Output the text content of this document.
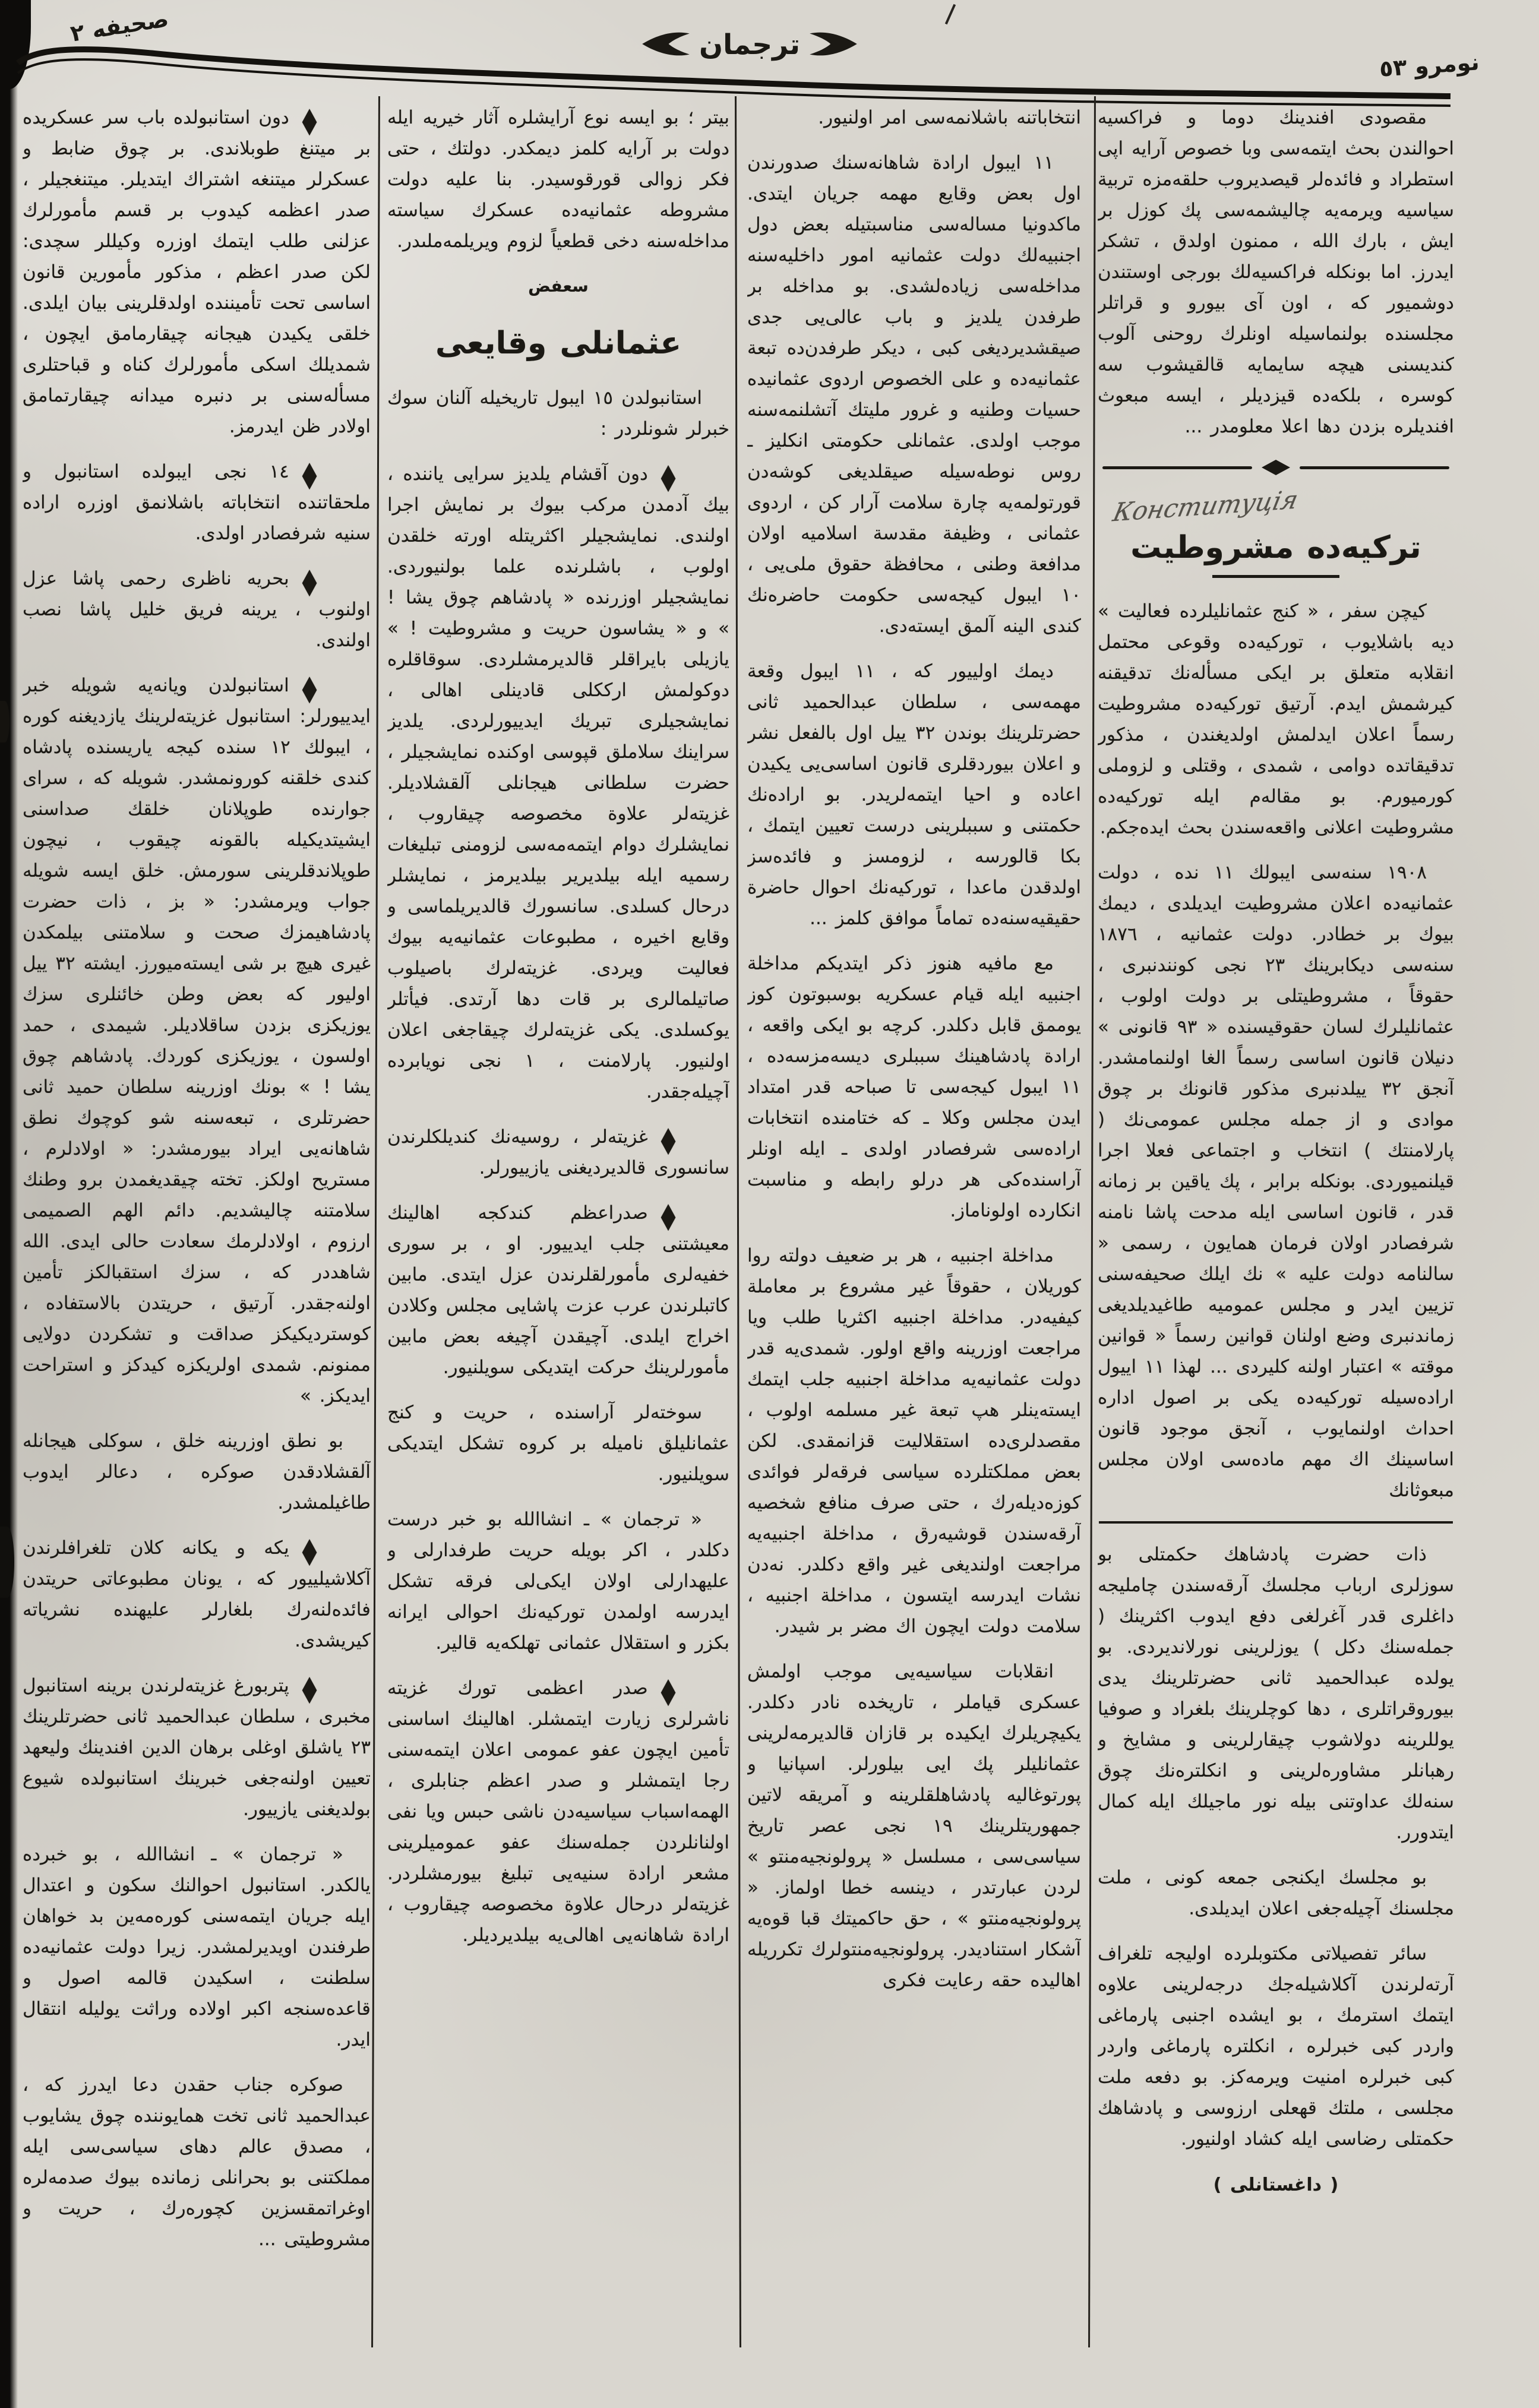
صحيفه ٢
ترجمان
نومرو ٥٣

مقصودى افندينك دوما و فراكسيه احوالندن بحث ايتمه‌سى وبا خصوص آرايه اپى استطراد و فائده‌لر قيصديروب حلقه‌مزه تربية سياسيه ويرمه‌يه چاليشمه‌سى پك كوزل بر ايش ، بارك الله ، ممنون اولدق ، تشكر ايدرز. اما بونكله فراكسيه‌لك بورجى اوستندن دوشميور كه ، اون آى بيورو و قراتلر مجلسنده بولنماسيله اونلرك روحنى آلوب كنديسنى هيچه سايمايه قالقيشوب سه كوسره ، بلكه‌ده قيزديلر ، ايسه مبعوث افنديلره بزدن دها اعلا معلومدر ...

Конституція
تركيه‌ده مشروطيت

كيچن سفر ، « كنج عثمانليلرده فعاليت » ديه باشلايوب ، توركيه‌ده وقوعى محتمل انقلابه متعلق بر ايكى مسأله‌نك تدقيقنه كيرشمش ايدم. آرتيق توركيه‌ده مشروطيت رسماً اعلان ايدلمش اولديغندن ، مذكور تدقيقاتده دوامى ، شمدى ، وقتلى و لزوملى كورميورم. بو مقاله‌م ايله توركيه‌ده مشروطيت اعلانى واقعه‌سندن بحث ايده‌جكم.

١٩٠٨ سنه‌سى ايبولك ١١ نده ، دولت عثمانيه‌ده اعلان مشروطيت ايديلدى ، ديمك بيوك بر خطادر. دولت عثمانيه ، ١٨٧٦ سنه‌سى ديكابرينك ٢٣ نجى كونندنبرى ، حقوقاً ، مشروطيتلى بر دولت اولوب ، عثمانليلرك لسان حقوقيسنده « ٩٣ قانونى » دنيلان قانون اساسى رسماً الغا اولنمامشدر. آنجق ٣٢ ييلدنبرى مذكور قانونك بر چوق موادى و از جمله مجلس عمومى‌نك ( پارلامنتك ) انتخاب و اجتماعى فعلا اجرا قيلنميوردى. بونكله برابر ، پك ياقين بر زمانه قدر ، قانون اساسى ايله مدحت پاشا نامنه شرفصادر اولان فرمان همايون ، رسمى « سالنامه دولت عليه » نك ايلك صحيفه‌سنى تزيين ايدر و مجلس عموميه طاغيديلديغى زماندنبرى وضع اولنان قوانين رسماً « قوانين موقته » اعتبار اولنه كليردى ... لهذا ١١ اييول اراده‌سيله توركيه‌ده يكى بر اصول اداره احداث اولنمايوب ، آنجق موجود قانون اساسينك اك مهم ماده‌سى اولان مجلس مبعوثانك

ذات حضرت پادشاهك حكمتلى بو سوزلرى ارباب مجلسك آرقه‌سندن چامليجه داغلرى قدر آغرلغى دفع ايدوب اكثرينك ( جمله‌سنك دكل ) يوزلرينى نورلانديردى. بو يولده عبدالحميد ثانى حضرتلرينك يدى بيوروقراتلرى ، دها كوچلرينك بلغراد و صوفيا يوللرينه دولاشوب چيقارلرينى و مشايخ و رهبانلر مشاوره‌لرينى و انكلتره‌نك چوق سنه‌لك عداوتنى بيله نور ماجيلك ايله كمال ايتدورر.

بو مجلسك ايكنجى جمعه كونى ، ملت مجلسنك آچيله‌جغى اعلان ايديلدى.

سائر تفصيلاتى مكتوبلرده اوليجه تلغراف آرته‌لرندن آكلاشيله‌جك درجه‌لرينى علاوه ايتمك استرمك ، بو ايشده اجنبى پارماغى واردر كبى خبرلره ، انكلتره پارماغى واردر كبى خبرلره امنيت ويرمه‌كز. بو دفعه ملت مجلسى ، ملتك قهعلى ارزوسى و پادشاهك حكمتلى رضاسى ايله كشاد اولنيور.

( داغستانلى )

انتخاباتنه باشلانمه‌سى امر اولنيور.

١١ ايبول ارادة شاهانه‌سنك صدورندن اول بعض وقايع مهمه جريان ايتدى. ماكدونيا مساله‌سى مناسبتيله بعض دول اجنبيه‌لك دولت عثمانيه امور داخليه‌سنه مداخله‌سى زياده‌لشدى. بو مداخله بر طرفدن يلديز و باب عالى‌يى جدى صيقشديرديغى كبى ، ديكر طرفدن‌ده تبعة عثمانيه‌ده و على الخصوص اردوى عثمانيده حسيات وطنيه و غرور مليتك آتشلنمه‌سنه موجب اولدى. عثمانلى حكومتى انكليز ـ روس نوطه‌سيله صيقلديغى كوشه‌دن قورتولمه‌يه چارة سلامت آرار كن ، اردوى عثمانى ، وظيفة مقدسة اسلاميه اولان مدافعة وطنى ، محافظة حقوق ملى‌يى ، ١٠ ايبول كيجه‌سى حكومت حاضره‌نك كندى الينه آلمق ايسته‌دى.

ديمك اولييور كه ، ١١ ايبول وقعة مهمه‌سى ، سلطان عبدالحميد ثانى حضرتلرينك بوندن ٣٢ ييل اول بالفعل نشر و اعلان بيوردقلرى قانون اساسى‌يى يكيدن اعاده و احيا ايتمه‌لريدر. بو اراده‌نك حكمتنى و سببلرينى درست تعيين ايتمك ، بكا قالورسه ، لزومسز و فائده‌سز اولدقدن ماعدا ، توركيه‌نك احوال حاضرة حقيقيه‌سنه‌ده تماماً موافق كلمز ...

مع مافيه هنوز ذكر ايتديكم مداخلة اجنبيه ايله قيام عسكريه بوسبوتون كوز يوممق قابل دكلدر. كرچه بو ايكى واقعه ، ارادة پادشاهينك سببلرى ديسه‌مزسه‌ده ، ١١ ايبول كيجه‌سى تا صباحه قدر امتداد ايدن مجلس وكلا ـ كه ختامنده انتخابات اراده‌سى شرفصادر اولدى ـ ايله اونلر آراسنده‌كى هر درلو رابطه و مناسبت انكارده اولوناماز.

مداخلة اجنبيه ، هر بر ضعيف دولته روا كوريلان ، حقوقاً غير مشروع بر معاملة كيفيه‌در. مداخلة اجنبيه اكثريا طلب ويا مراجعت اوزرينه واقع اولور. شمدى‌يه قدر دولت عثمانيه‌يه مداخلة اجنبيه جلب ايتمك ايسته‌ينلر هپ تبعة غير مسلمه اولوب ، مقصدلرى‌ده استقلاليت قزانمقدى. لكن بعض مملكتلرده سياسى فرقه‌لر فوائدى كوزه‌ديله‌رك ، حتى صرف منافع شخصيه آرقه‌سندن قوشيه‌رق ، مداخلة اجنبيه‌يه مراجعت اولنديغى غير واقع دكلدر. نه‌دن نشات ايدرسه ايتسون ، مداخلة اجنبيه ، سلامت دولت ايچون اك مضر بر شيدر.

انقلابات سياسيه‌يى موجب اولمش عسكرى قياملر ، تاريخده نادر دكلدر. يكيچريلرك ايكيده بر قازان قالديرمه‌لرينى عثمانليلر پك ايى بيلورلر. اسپانيا و پورتوغاليه پادشاهلقلرينه و آمريقه لاتين جمهوريتلرينك ١٩ نجى عصر تاريخ سياسى‌سى ، مسلسل « پرولونجيه‌منتو » لردن عبارتدر ، دينسه خطا اولماز. « پرولونجيه‌منتو » ، حق حاكميتك قبا قوه‌يه آشكار استناديدر. پرولونجيه‌منتولرك تكرريله اهاليده حقه رعايت فكرى

بيتر ؛ بو ايسه نوع آرايشلره آثار خيريه ايله دولت بر آرايه كلمز ديمكدر. دولتك ، حتى فكر زوالى قورقوسيدر. بنا عليه دولت مشروطه عثمانيه‌ده عسكرك سياسته مداخله‌سنه دخى قطعياً لزوم ويريلمه‌ملىدر.

سعفض
عثمانلى وقايعى

استانبولدن ١٥ ايبول تاريخيله آلنان سوك خبرلر شونلردر :

◆دون آقشام يلديز سرايى ياننده ، بيك آدمدن مركب بيوك بر نمايش اجرا اولندى. نمايشجيلر اكثريتله اورته خلقدن اولوب ، باشلرنده علما بولنيوردى. نمايشجيلر اوزرنده « پادشاهم چوق يشا ! » و « يشاسون حريت و مشروطيت ! » يازيلى بايراقلر قالديرمشلردى. سوقاقلره دوكولمش ارككلى قادينلى اهالى ، نمايشجيلرى تبريك ايدييورلردى. يلديز سراينك سلاملق قپوسى اوكنده نمايشجيلر ، حضرت سلطانى هيجانلى آلقشلاديلر. غزيته‌لر علاوة مخصوصه چيقاروب ، نمايشلرك دوام ايتمه‌مه‌سى لزومنى تبليغات رسميه ايله بيلديرير بيلديرمز ، نمايشلر درحال كسلدى. سانسورك قالديريلماسى و وقايع اخيره ، مطبوعات عثمانيه‌يه بيوك فعاليت ويردى. غزيته‌لرك باصيلوب صاتيلمالرى بر قات دها آرتدى. فيأتلر يوكسلدى. يكى غزيته‌لرك چيقاجغى اعلان اولنيور. پارلامنت ، ١ نجى نويابرده آچيله‌جقدر.

◆غزيته‌لر ، روسيه‌نك كنديلكلرندن سانسورى قالديرديغنى يازييورلر.

◆صدراعظم كندكجه اهالينك معيشتنى جلب ايدييور. او ، بر سورى خفيه‌لرى مأمورلقلرندن عزل ايتدى. مابين كاتبلرندن عرب عزت پاشايى مجلس وكلادن اخراج ايلدى. آچيقدن آچيغه بعض مابين مأمورلرينك حركت ايتديكى سويلنيور.

سوخته‌لر آراسنده ، حريت و كنج عثمانليلق ناميله بر كروه تشكل ايتديكى سويلنيور.

« ترجمان » ـ انشاالله بو خبر درست دكلدر ، اكر بويله حريت طرفدارلى و عليهدارلى اولان ايكى‌لى فرقه تشكل ايدرسه اولمدن توركيه‌نك احوالى ايرانه بكزر و استقلال عثمانى تهلكه‌يه قالير.

◆صدر اعظمى تورك غزيته ناشرلرى زيارت ايتمشلر. اهالينك اساسنى تأمين ايچون عفو عمومى اعلان ايتمه‌سنى رجا ايتمشلر و صدر اعظم جنابلرى ، الهمه‌اسباب سياسيه‌دن ناشى حبس ويا نفى اولنانلردن جمله‌سنك عفو عموميلرينى مشعر ارادة سنيه‌يى تبليغ بيورمشلردر. غزيته‌لر درحال علاوة مخصوصه چيقاروب ، ارادة شاهانه‌يى اهالى‌يه بيلديرديلر.

◆دون استانبولده باب سر عسكريده بر ميتنغ طوبلاندى. بر چوق ضابط و عسكرلر ميتنغه اشتراك ايتديلر. ميتنغجيلر ، صدر اعظمه كيدوب بر قسم مأمورلرك عزلنى طلب ايتمك اوزره وكيللر سچدى: لكن صدر اعظم ، مذكور مأمورين قانون اساسى تحت تأميننده اولدقلرينى بيان ايلدى. خلقى يكيدن هيجانه چيقارمامق ايچون ، شمديلك اسكى مأمورلرك كناه و قباحتلرى مسأله‌سنى بر دنبره ميدانه چيقارتمامق اولادر ظن ايدرمز.

◆١٤ نجى ايبولده استانبول و ملحقاتنده انتخاباته باشلانمق اوزره اراده سنيه شرفصادر اولدى.

◆بحريه ناظرى رحمى پاشا عزل اولنوب ، يرينه فريق خليل پاشا نصب اولندى.

◆استانبولدن ويانه‌يه شويله خبر ايدييورلر: استانبول غزيته‌لرينك يازديغنه كوره ، ايبولك ١٢ سنده كيجه ياريسنده پادشاه كندى خلقنه كورونمشدر. شويله كه ، سراى جوارنده طوپلانان خلقك صداسنى ايشيتديكيله بالقونه چيقوب ، نيچون طوپلاندقلرينى سورمش. خلق ايسه شويله جواب ويرمشدر: « بز ، ذات حضرت پادشاهيمزك صحت و سلامتنى بيلمكدن غيرى هيچ بر شى ايسته‌ميورز. ايشته ٣٢ ييل اوليور كه بعض وطن خائنلرى سزك يوزيكزى بزدن ساقلاديلر. شيمدى ، حمد اولسون ، يوزيكزى كوردك. پادشاهم چوق يشا ! » بونك اوزرينه سلطان حميد ثانى حضرتلرى ، تبعه‌سنه شو كوچوك نطق شاهانه‌يى ايراد بيورمشدر: « اولادلرم ، مستريح اولكز. تخته چيقديغمدن برو وطنك سلامتنه چاليشديم. دائم الهم الصميمى ارزوم ، اولادلرمك سعادت حالى ايدى. الله شاهددر كه ، سزك استقبالكز تأمين اولنه‌جقدر. آرتيق ، حريتدن بالاستفاده ، كوسترديكيكز صداقت و تشكردن دولايى ممنونم. شمدى اولريكزه كيدكز و استراحت ايديكز. »

بو نطق اوزرينه خلق ، سوكلى هيجانله آلقشلادقدن صوكره ، دعالر ايدوب طاغيلمشدر.

◆يكه و يكانه كلان تلغرافلرندن آكلاشيلييور كه ، يونان مطبوعاتى حريتدن فائده‌لنه‌رك بلغارلر عليهنده نشرياته كيريشدى.

◆پتربورغ غزيته‌لرندن برينه استانبول مخبرى ، سلطان عبدالحميد ثانى حضرتلرينك ٢٣ ياشلق اوغلى برهان الدين افندينك وليعهد تعيين اولنه‌جغى خبرينك استانبولده شيوع بولديغنى يازييور.

« ترجمان » ـ انشاالله ، بو خبرده يالكدر. استانبول احوالنك سكون و اعتدال ايله جريان ايتمه‌سنى كوره‌مه‌ين بد خواهان طرفندن اويديرلمشدر. زيرا دولت عثمانيه‌ده سلطنت ، اسكيدن قالمه اصول و قاعده‌سنجه اكبر اولاده وراثت يوليله انتقال ايدر.

صوكره جناب حقدن دعا ايدرز كه ، عبدالحميد ثانى تخت همايوننده چوق يشايوب ، مصدق عالم دهاى سياسى‌سى ايله مملكتنى بو بحرانلى زمانده بيوك صدمه‌لره اوغراتمقسزين كچوره‌رك ، حريت و مشروطيتى ...
